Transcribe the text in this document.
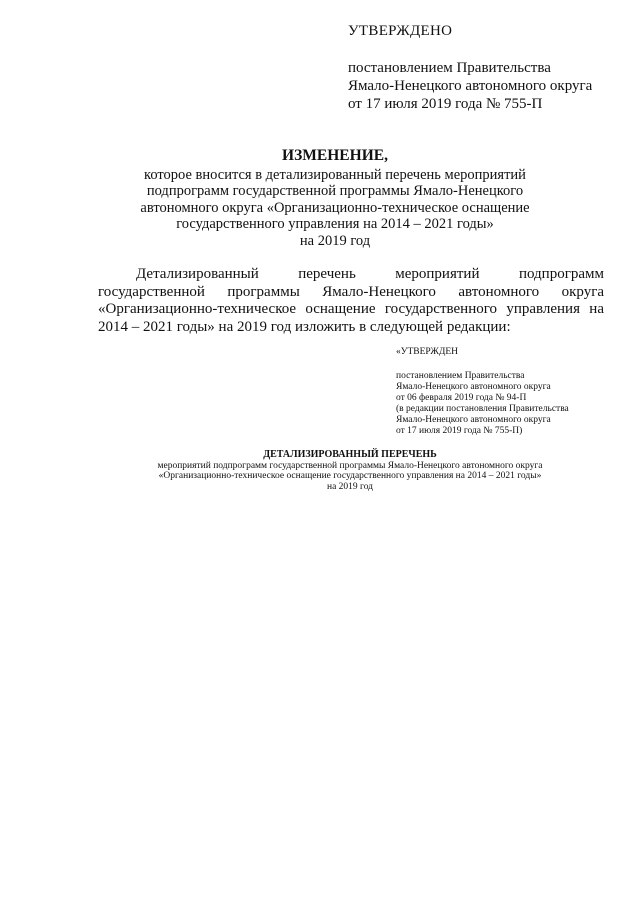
УТВЕРЖДЕНО
постановлением Правительства
Ямало-Ненецкого автономного округа
от 17 июля 2019 года № 755-П
ИЗМЕНЕНИЕ,
которое вносится в детализированный перечень мероприятий
подпрограмм государственной программы Ямало-Ненецкого
автономного округа «Организационно-техническое оснащение
государственного управления на 2014 – 2021 годы»
на 2019 год
Детализированный перечень мероприятий подпрограмм государственной программы Ямало-Ненецкого автономного округа «Организационно-техническое оснащение государственного управления на 2014 – 2021 годы» на 2019 год изложить в следующей редакции:
«УТВЕРЖДЕН
постановлением Правительства
Ямало-Ненецкого автономного округа
от 06 февраля 2019 года № 94-П
(в редакции постановления Правительства
Ямало-Ненецкого автономного округа
от 17 июля 2019 года № 755-П)
ДЕТАЛИЗИРОВАННЫЙ ПЕРЕЧЕНЬ
мероприятий подпрограмм государственной программы Ямало-Ненецкого автономного округа
«Организационно-техническое оснащение государственного управления на 2014 – 2021 годы»
на 2019 год
